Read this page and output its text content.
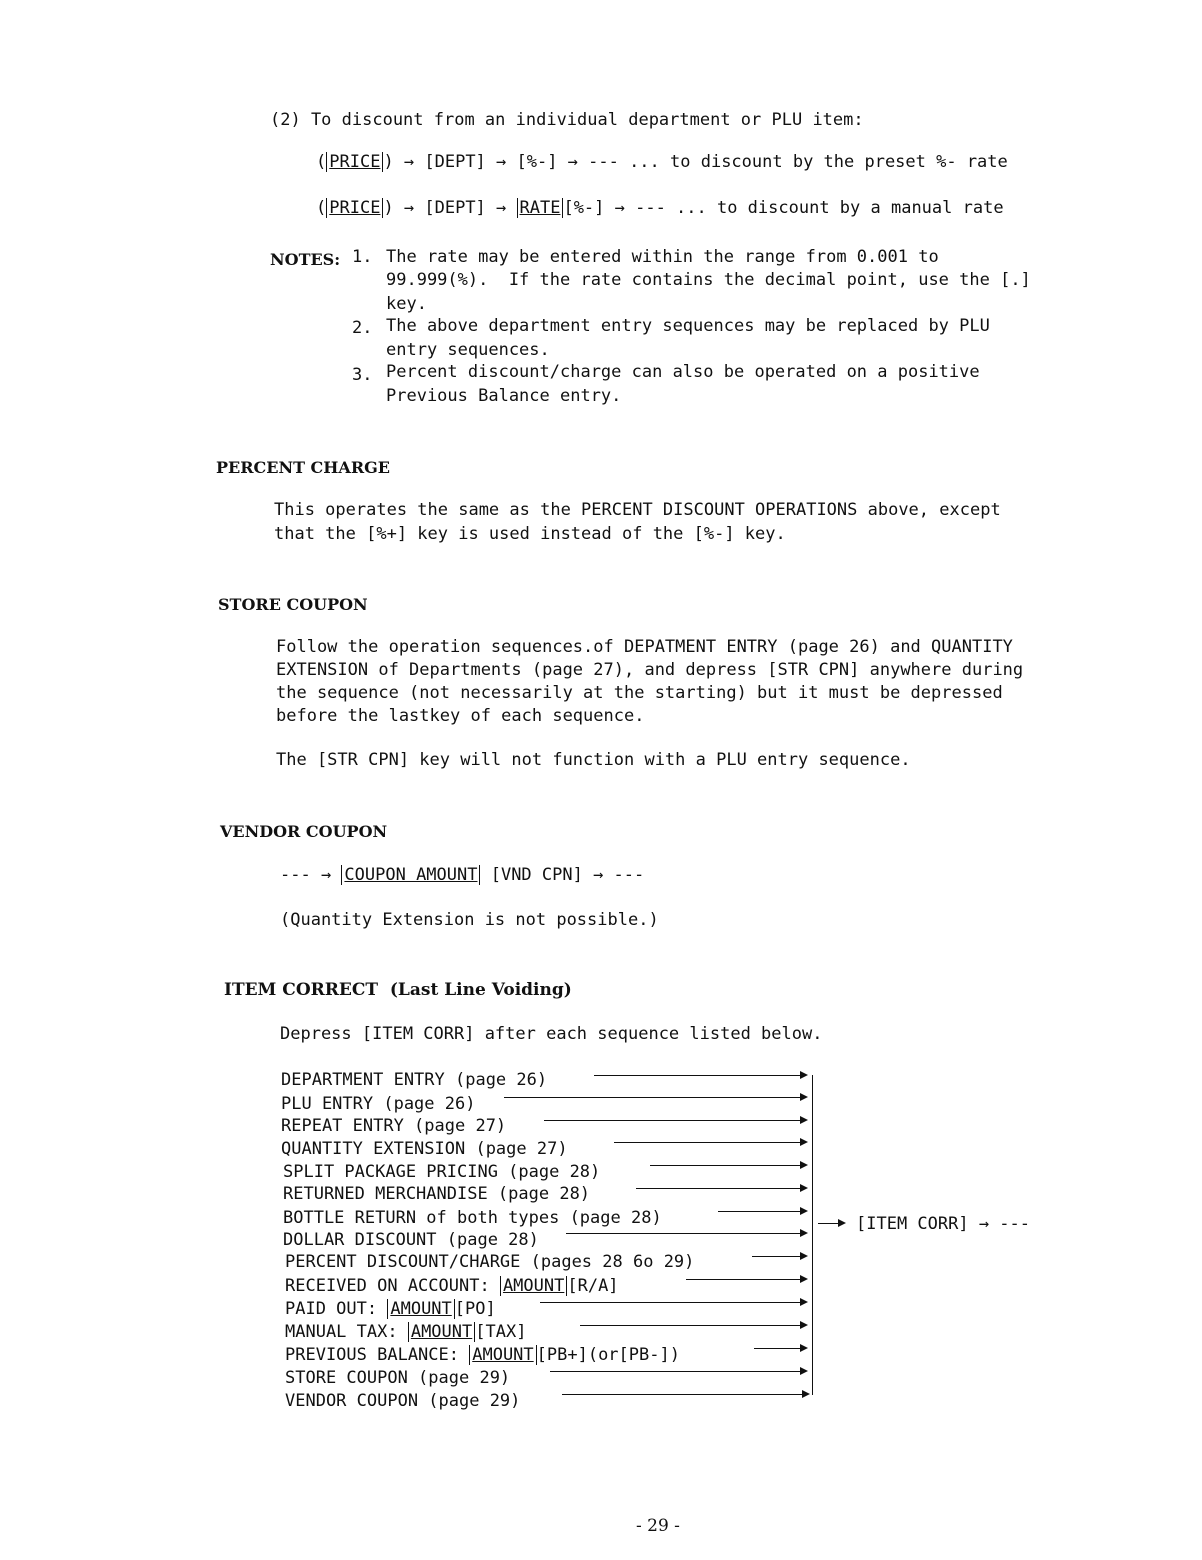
(2) To discount from an individual department or PLU item:
( PRICE ) → [DEPT] → [%-] → --- ... to discount by the preset %- rate
( PRICE ) → [DEPT] → RATE [%-] → --- ... to discount by a manual rate
NOTES: 1. The rate may be entered within the range from 0.001 to
99.999(%).  If the rate contains the decimal point, use the [.]
key.
2. The above department entry sequences may be replaced by PLU
entry sequences.
3. Percent discount/charge can also be operated on a positive
Previous Balance entry.
PERCENT CHARGE
This operates the same as the PERCENT DISCOUNT OPERATIONS above, except
that the [%+] key is used instead of the [%-] key.
STORE COUPON
Follow the operation sequences.of DEPATMENT ENTRY (page 26) and QUANTITY
EXTENSION of Departments (page 27), and depress [STR CPN] anywhere during
the sequence (not necessarily at the starting) but it must be depressed
before the lastkey of each sequence.
The [STR CPN] key will not function with a PLU entry sequence.
VENDOR COUPON
--- → COUPON AMOUNT [VND CPN] → ---
(Quantity Extension is not possible.)
ITEM CORRECT  (Last Line Voiding)
Depress [ITEM CORR] after each sequence listed below.
DEPARTMENT ENTRY (page 26)
PLU ENTRY (page 26)
REPEAT ENTRY (page 27)
QUANTITY EXTENSION (page 27)
SPLIT PACKAGE PRICING (page 28)
RETURNED MERCHANDISE (page 28)
BOTTLE RETURN of both types (page 28)
DOLLAR DISCOUNT (page 28)
PERCENT DISCOUNT/CHARGE (pages 28 6o 29)
RECEIVED ON ACCOUNT: AMOUNT [R/A]
PAID OUT: AMOUNT [PO]
MANUAL TAX: AMOUNT [TAX]
PREVIOUS BALANCE: AMOUNT [PB+](or[PB-])
STORE COUPON (page 29)
VENDOR COUPON (page 29)
[ITEM CORR] → ---
- 29 -
